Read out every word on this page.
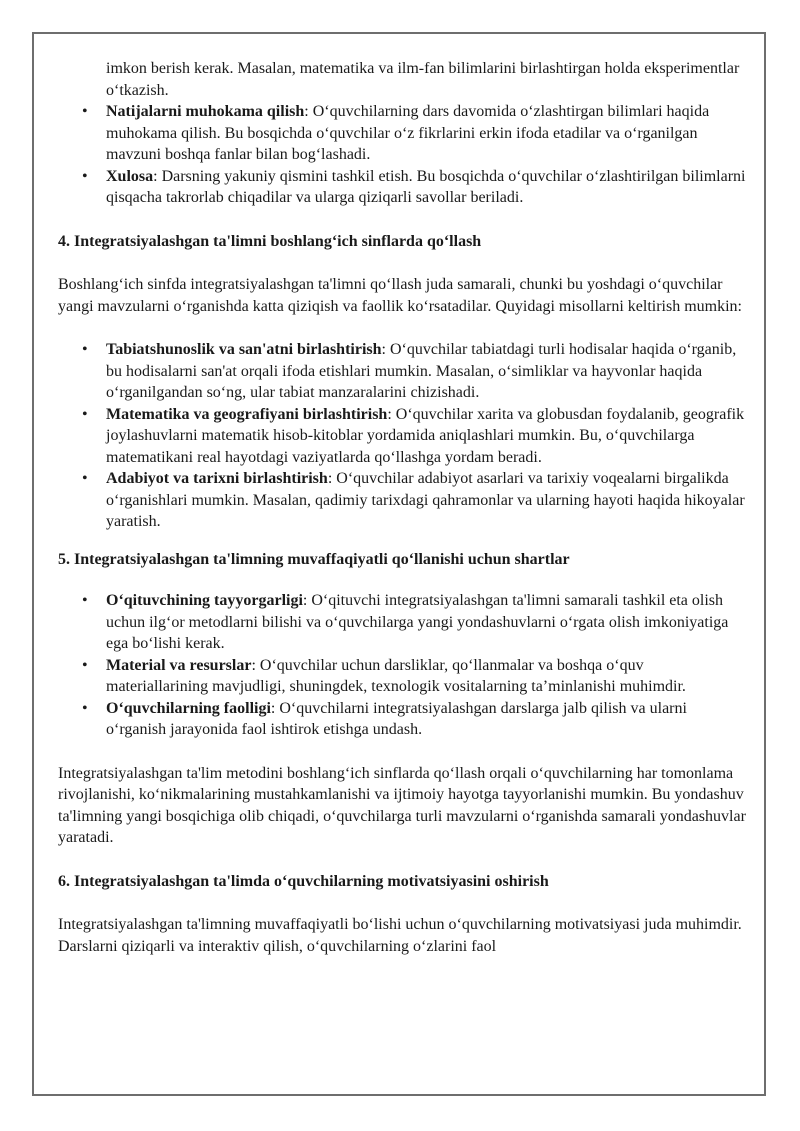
imkon berish kerak. Masalan, matematika va ilm-fan bilimlarini birlashtirgan holda eksperimentlar o‘tkazish.
• Natijalarni muhokama qilish: O‘quvchilarning dars davomida o‘zlashtirgan bilimlari haqida muhokama qilish. Bu bosqichda o‘quvchilar o‘z fikrlarini erkin ifoda etadilar va o‘rganilgan mavzuni boshqa fanlar bilan bog‘lashadi.
• Xulosa: Darsning yakuniy qismini tashkil etish. Bu bosqichda o‘quvchilar o‘zlashtirilgan bilimlarni qisqacha takrorlab chiqadilar va ularga qiziqarli savollar beriladi.
4. Integratsiyalashgan ta'limni boshlang‘ich sinflarda qo‘llash

Boshlang‘ich sinfda integratsiyalashgan ta'limni qo‘llash juda samarali, chunki bu yoshdagi o‘quvchilar yangi mavzularni o‘rganishda katta qiziqish va faollik ko‘rsatadilar. Quyidagi misollarni keltirish mumkin:

• Tabiatshunoslik va san'atni birlashtirish: O‘quvchilar tabiatdagi turli hodisalar haqida o‘rganib, bu hodisalarni san'at orqali ifoda etishlari mumkin. Masalan, o‘simliklar va hayvonlar haqida o‘rganilgandan so‘ng, ular tabiat manzaralarini chizishadi.
• Matematika va geografiyani birlashtirish: O‘quvchilar xarita va globusdan foydalanib, geografik joylashuvlarni matematik hisob-kitoblar yordamida aniqlashlari mumkin. Bu, o‘quvchilarga matematikani real hayotdagi vaziyatlarda qo‘llashga yordam beradi.
• Adabiyot va tarixni birlashtirish: O‘quvchilar adabiyot asarlari va tarixiy voqealarni birgalikda o‘rganishlari mumkin. Masalan, qadimiy tarixdagi qahramonlar va ularning hayoti haqida hikoyalar yaratish.
5. Integratsiyalashgan ta'limning muvaffaqiyatli qo‘llanishi uchun shartlar
• O‘qituvchining tayyorgarligi: O‘qituvchi integratsiyalashgan ta'limni samarali tashkil eta olish uchun ilg‘or metodlarni bilishi va o‘quvchilarga yangi yondashuvlarni o‘rgata olish imkoniyatiga ega bo‘lishi kerak.
• Material va resurslar: O‘quvchilar uchun darsliklar, qo‘llanmalar va boshqa o‘quv materiallarining mavjudligi, shuningdek, texnologik vositalarning ta’minlanishi muhimdir.
• O‘quvchilarning faolligi: O‘quvchilarni integratsiyalashgan darslarga jalb qilish va ularni o‘rganish jarayonida faol ishtirok etishga undash.

Integratsiyalashgan ta'lim metodini boshlang‘ich sinflarda qo‘llash orqali o‘quvchilarning har tomonlama rivojlanishi, ko‘nikmalarining mustahkamlanishi va ijtimoiy hayotga tayyorlanishi mumkin. Bu yondashuv ta'limning yangi bosqichiga olib chiqadi, o‘quvchilarga turli mavzularni o‘rganishda samarali yondashuvlar yaratadi.

6. Integratsiyalashgan ta'limda o‘quvchilarning motivatsiyasini oshirish

Integratsiyalashgan ta'limning muvaffaqiyatli bo‘lishi uchun o‘quvchilarning motivatsiyasi juda muhimdir. Darslarni qiziqarli va interaktiv qilish, o‘quvchilarning o‘zlarini faol
